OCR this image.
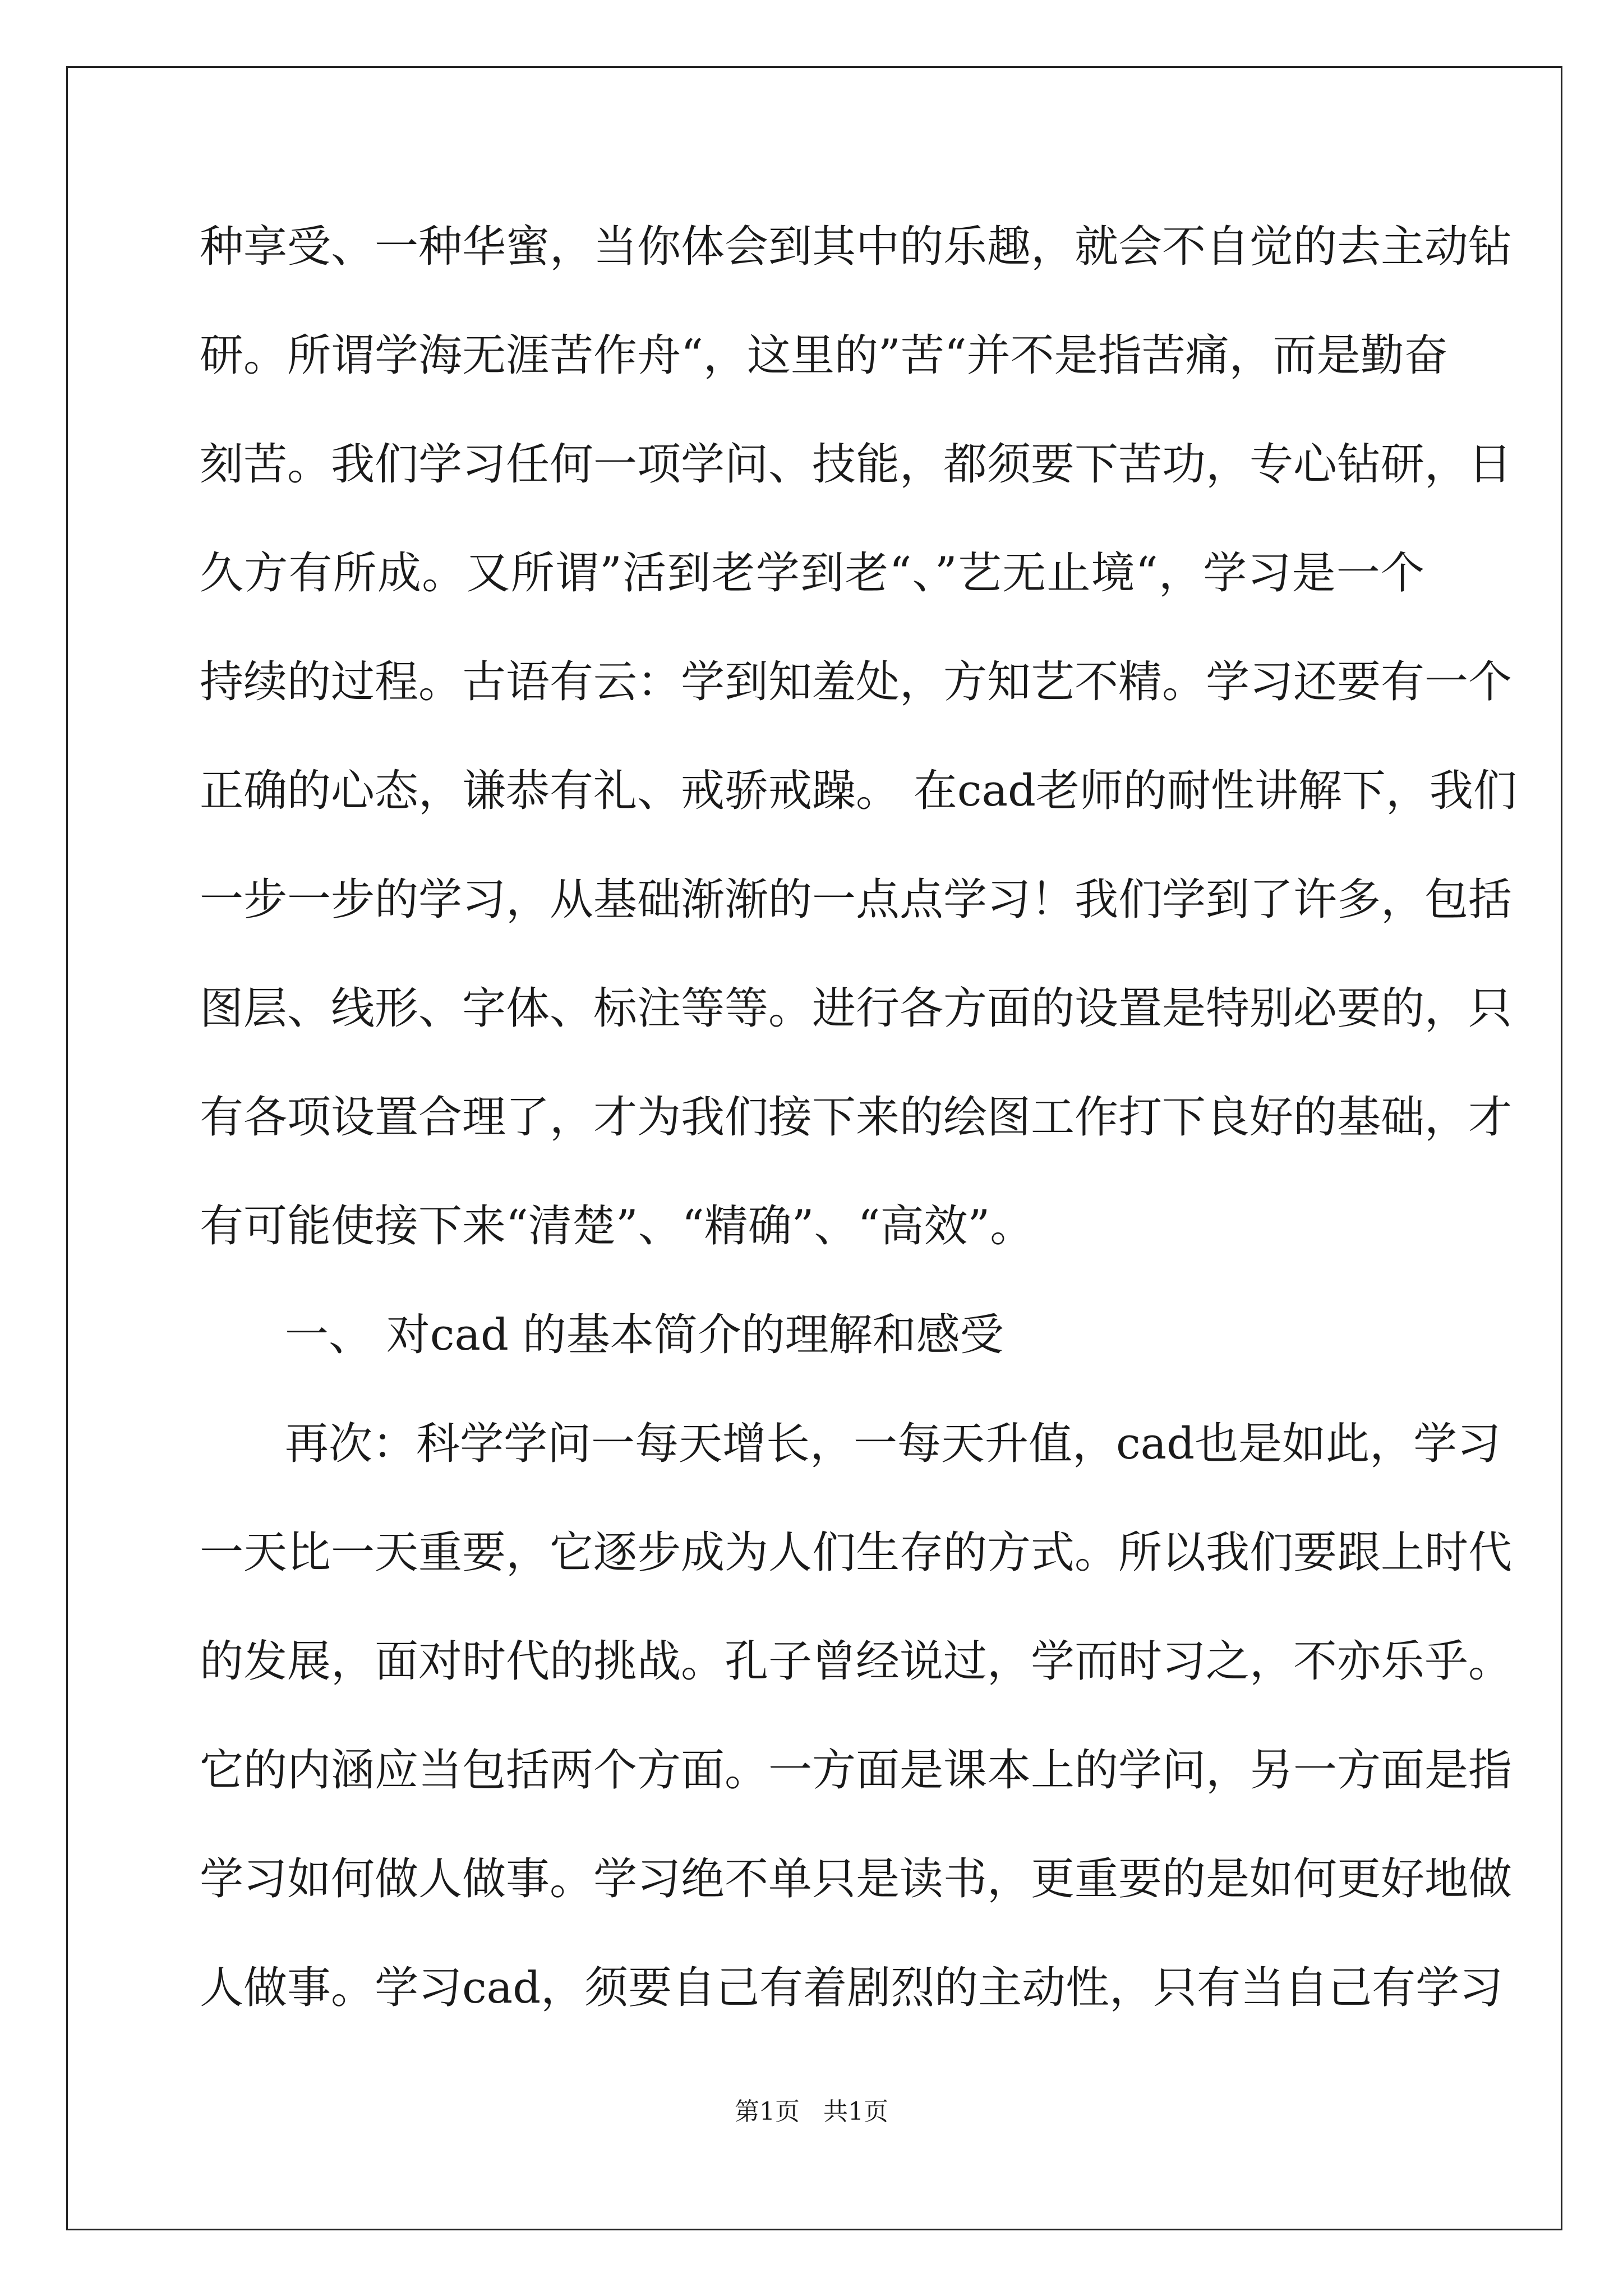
种享受、一种华蜜，当你体会到其中的乐趣，就会不自觉的去主动钻
研。所谓学海无涯苦作舟“，这里的”苦“并不是指苦痛，而是勤奋
刻苦。我们学习任何一项学问、技能，都须要下苦功，专心钻研，日
久方有所成。又所谓”活到老学到老“、”艺无止境“，学习是一个
持续的过程。古语有云：学到知羞处，方知艺不精。学习还要有一个
正确的心态，谦恭有礼、戒骄戒躁。 在cad老师的耐性讲解下，我们
一步一步的学习，从基础渐渐的一点点学习！我们学到了许多，包括
图层、线形、字体、标注等等。进行各方面的设置是特别必要的，只
有各项设置合理了，才为我们接下来的绘图工作打下良好的基础，才
有可能使接下来“清楚”、“精确”、“高效”。
一、 对cad 的基本简介的理解和感受
再次：科学学问一每天增长，一每天升值，cad也是如此，学习
一天比一天重要，它逐步成为人们生存的方式。所以我们要跟上时代
的发展，面对时代的挑战。孔子曾经说过，学而时习之，不亦乐乎。
它的内涵应当包括两个方面。一方面是课本上的学问，另一方面是指
学习如何做人做事。学习绝不单只是读书，更重要的是如何更好地做
人做事。学习cad，须要自己有着剧烈的主动性，只有当自己有学习
第1页   共1页
